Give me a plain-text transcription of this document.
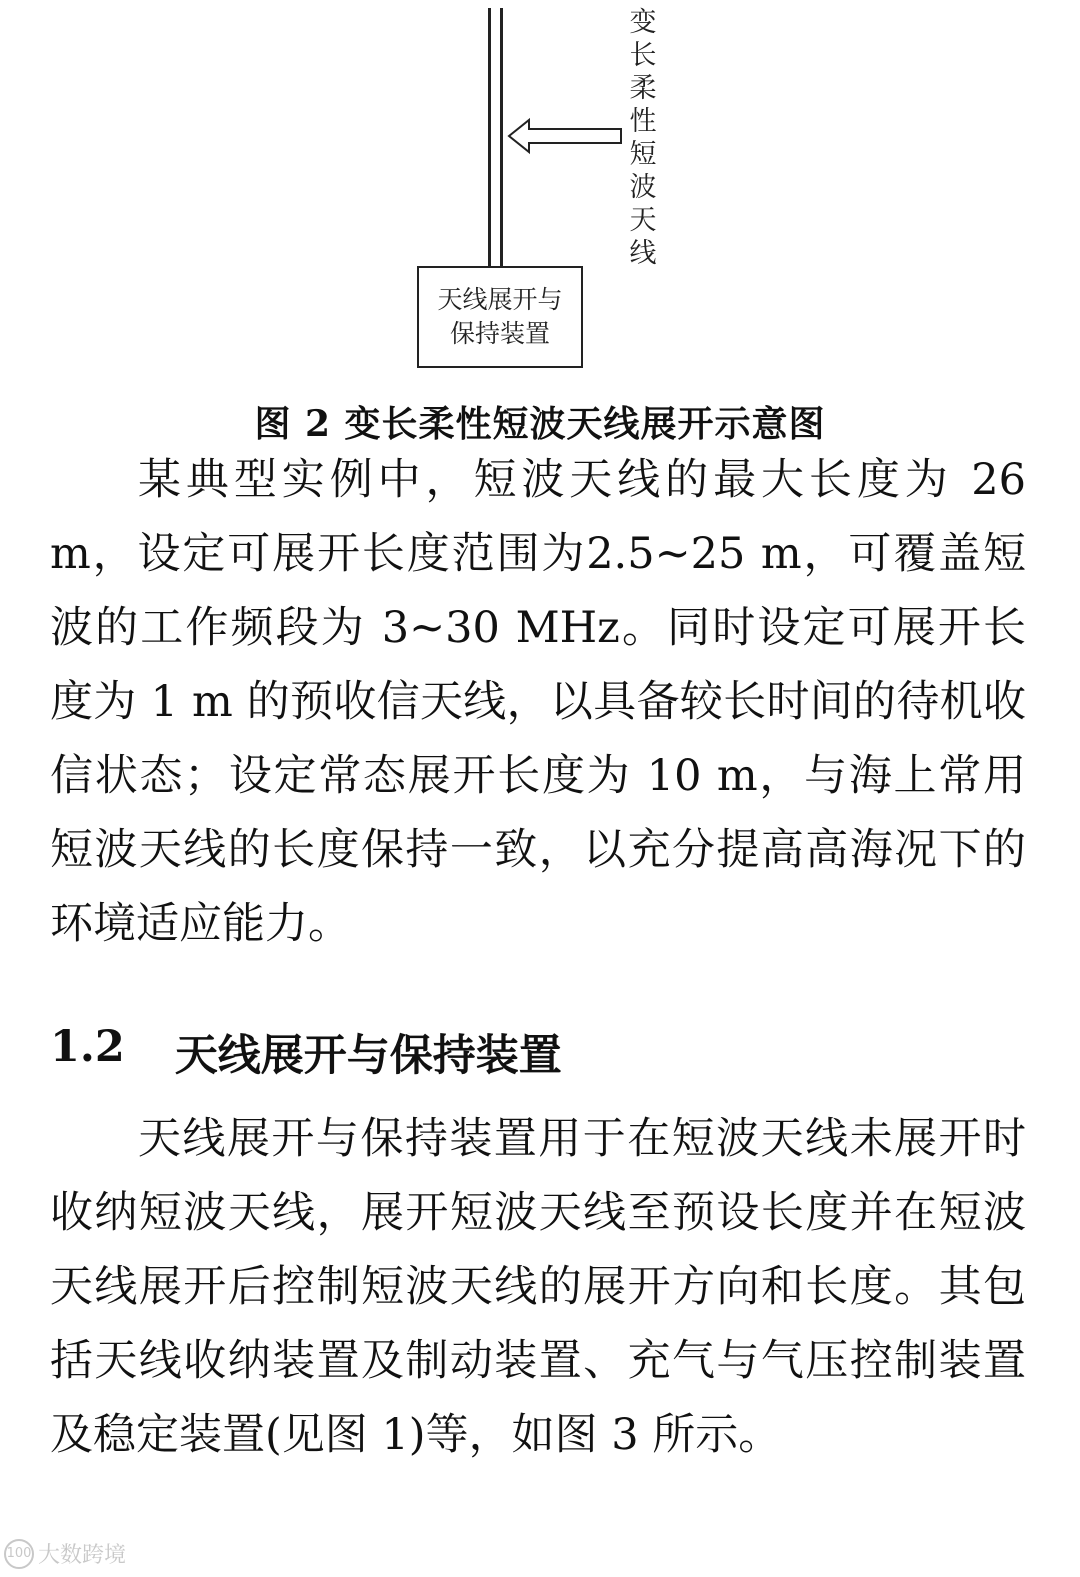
天线展开与
保持装置
变长柔性短波天线
图 2 变长柔性短波天线展开示意图

某典型实例中，短波天线的最大长度为 26 m，设定可展开长度范围为2.5~25 m，可覆盖短波的工作频段为 3~30 MHz。同时设定可展开长度为 1 m 的预收信天线，以具备较长时间的待机收信状态；设定常态展开长度为 10 m，与海上常用短波天线的长度保持一致，以充分提高高海况下的环境适应能力。

1.2 天线展开与保持装置

天线展开与保持装置用于在短波天线未展开时收纳短波天线，展开短波天线至预设长度并在短波天线展开后控制短波天线的展开方向和长度。其包括天线收纳装置及制动装置、充气与气压控制装置及稳定装置(见图 1)等，如图 3 所示。

100 大数跨境
